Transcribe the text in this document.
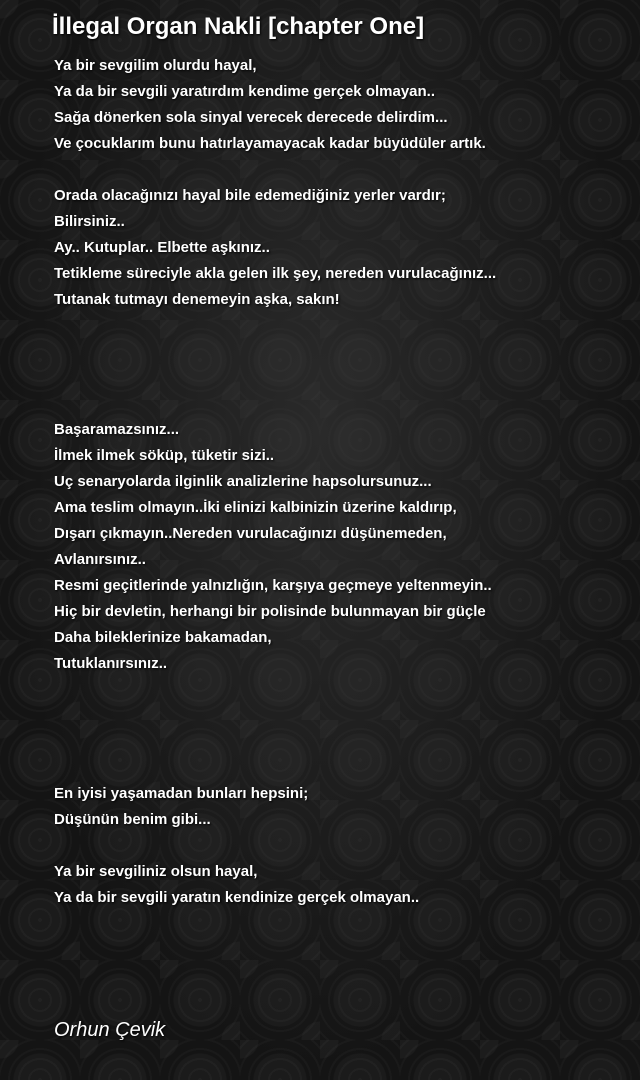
İllegal Organ Nakli [chapter One]
Ya bir sevgilim olurdu hayal,
Ya da bir sevgili yaratırdım kendime gerçek olmayan..
Sağa dönerken sola sinyal verecek derecede delirdim...
Ve çocuklarım bunu hatırlayamayacak kadar büyüdüler artık.
Orada olacağınızı hayal bile edemediğiniz yerler vardır;
Bilirsiniz..
Ay.. Kutuplar.. Elbette aşkınız..
Tetikleme süreciyle akla gelen ilk şey, nereden vurulacağınız...
Tutanak tutmayı denemeyin aşka, sakın!
Başaramazsınız...
İlmek ilmek söküp, tüketir sizi..
Uç senaryolarda ilginlik analizlerine hapsolursunuz...
Ama teslim olmayın..İki elinizi kalbinizin üzerine kaldırıp,
Dışarı çıkmayın..Nereden vurulacağınızı düşünemeden,
Avlanırsınız..
Resmi geçitlerinde yalnızlığın, karşıya geçmeye yeltenmeyin..
Hiç bir devletin, herhangi bir polisinde bulunmayan bir güçle
Daha bileklerinize bakamadan,
Tutuklanırsınız..
En iyisi yaşamadan bunları hepsini;
Düşünün benim gibi...
Ya bir sevgiliniz olsun hayal,
Ya da bir sevgili yaratın kendinize gerçek olmayan..
Orhun Çevik
